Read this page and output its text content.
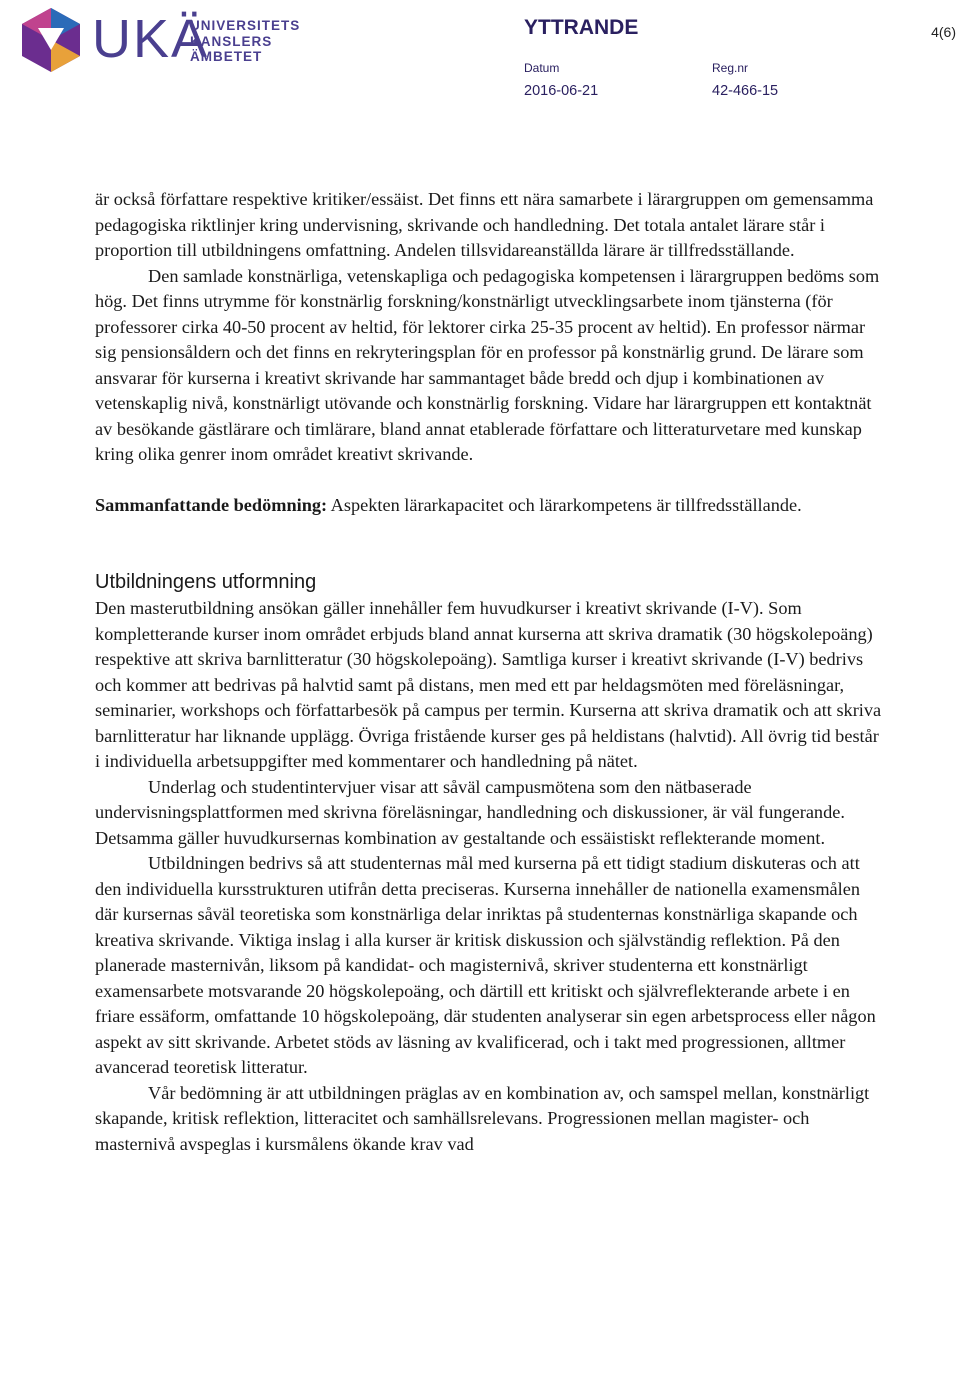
UKÄ
UNIVERSITETS
KANSLERS
ÄMBETET
YTTRANDE	4(6)
Datum
2016-06-21
Reg.nr
42-466-15

är också författare respektive kritiker/essäist. Det finns ett nära samarbete i lärargruppen om gemensamma pedagogiska riktlinjer kring undervisning, skrivande och handledning. Det totala antalet lärare står i proportion till utbildningens omfattning. Andelen tillsvidareanställda lärare är tillfredsställande.

Den samlade konstnärliga, vetenskapliga och pedagogiska kompetensen i lärargruppen bedöms som hög. Det finns utrymme för konstnärlig forskning/konstnärligt utvecklingsarbete inom tjänsterna (för professorer cirka 40-50 procent av heltid, för lektorer cirka 25-35 procent av heltid). En professor närmar sig pensionsåldern och det finns en rekryteringsplan för en professor på konstnärlig grund. De lärare som ansvarar för kurserna i kreativt skrivande har sammantaget både bredd och djup i kombinationen av vetenskaplig nivå, konstnärligt utövande och konstnärlig forskning. Vidare har lärargruppen ett kontaktnät av besökande gästlärare och timlärare, bland annat etablerade författare och litteraturvetare med kunskap kring olika genrer inom området kreativt skrivande.

Sammanfattande bedömning: Aspekten lärarkapacitet och lärarkompetens är tillfredsställande.

Utbildningens utformning

Den masterutbildning ansökan gäller innehåller fem huvudkurser i kreativt skrivande (I-V). Som kompletterande kurser inom området erbjuds bland annat kurserna att skriva dramatik (30 högskolepoäng) respektive att skriva barnlitteratur (30 högskolepoäng). Samtliga kurser i kreativt skrivande (I-V) bedrivs och kommer att bedrivas på halvtid samt på distans, men med ett par heldagsmöten med föreläsningar, seminarier, workshops och författarbesök på campus per termin. Kurserna att skriva dramatik och att skriva barnlitteratur har liknande upplägg. Övriga fristående kurser ges på heldistans (halvtid). All övrig tid består i individuella arbetsuppgifter med kommentarer och handledning på nätet.

Underlag och studentintervjuer visar att såväl campusmötena som den nätbaserade undervisningsplattformen med skrivna föreläsningar, handledning och diskussioner, är väl fungerande. Detsamma gäller huvudkursernas kombination av gestaltande och essäistiskt reflekterande moment.

Utbildningen bedrivs så att studenternas mål med kurserna på ett tidigt stadium diskuteras och att den individuella kursstrukturen utifrån detta preciseras. Kurserna innehåller de nationella examensmålen där kursernas såväl teoretiska som konstnärliga delar inriktas på studenternas konstnärliga skapande och kreativa skrivande. Viktiga inslag i alla kurser är kritisk diskussion och självständig reflektion. På den planerade masternivån, liksom på kandidat- och magisternivå, skriver studenterna ett konstnärligt examensarbete motsvarande 20 högskolepoäng, och därtill ett kritiskt och självreflekterande arbete i en friare essäform, omfattande 10 högskolepoäng, där studenten analyserar sin egen arbetsprocess eller någon aspekt av sitt skrivande. Arbetet stöds av läsning av kvalificerad, och i takt med progressionen, alltmer avancerad teoretisk litteratur.

Vår bedömning är att utbildningen präglas av en kombination av, och samspel mellan, konstnärligt skapande, kritisk reflektion, litteracitet och samhällsrelevans. Progressionen mellan magister- och masternivå avspeglas i kursmålens ökande krav vad
